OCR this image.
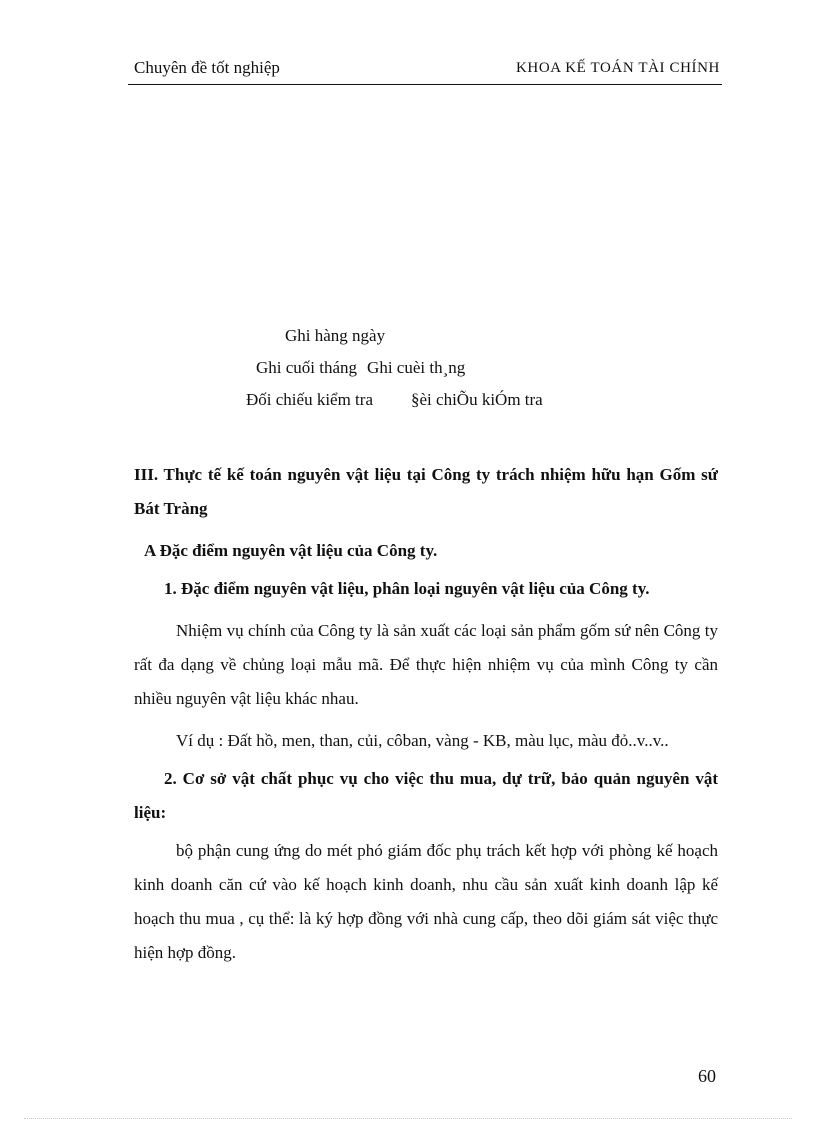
Chuyên đề tốt nghiệp	KHOA KẾ TOÁN TÀI CHÍNH
Ghi hàng ngày
Ghi cuối tháng Ghi cuèi th¸ng
Đối chiếu kiểm tra §èi chiÕu kiÓm tra

III. Thực tế kế toán nguyên vật liệu tại Công ty trách nhiệm hữu hạn Gốm sứ Bát Tràng

A Đặc điểm nguyên vật liệu của Công ty.

1. Đặc điểm nguyên vật liệu, phân loại nguyên vật liệu của Công ty.

Nhiệm vụ chính của Công ty là sản xuất các loại sản phẩm gốm sứ nên Công ty rất đa dạng về chủng loại mẫu mã. Để thực hiện nhiệm vụ của mình Công ty cần nhiều nguyên vật liệu khác nhau.

Ví dụ : Đất hồ, men, than, củi, côban, vàng - KB, màu lục, màu đỏ..v..v..

2. Cơ sở vật chất phục vụ cho việc thu mua, dự trữ, bảo quản nguyên vật liệu:

bộ phận cung ứng do mét phó giám đốc phụ trách kết hợp với phòng kế hoạch kinh doanh căn cứ vào kế hoạch kinh doanh, nhu cầu sản xuất kinh doanh lập kế hoạch thu mua , cụ thể: là ký hợp đồng với nhà cung cấp, theo dõi giám sát việc thực hiện hợp đồng.

60
